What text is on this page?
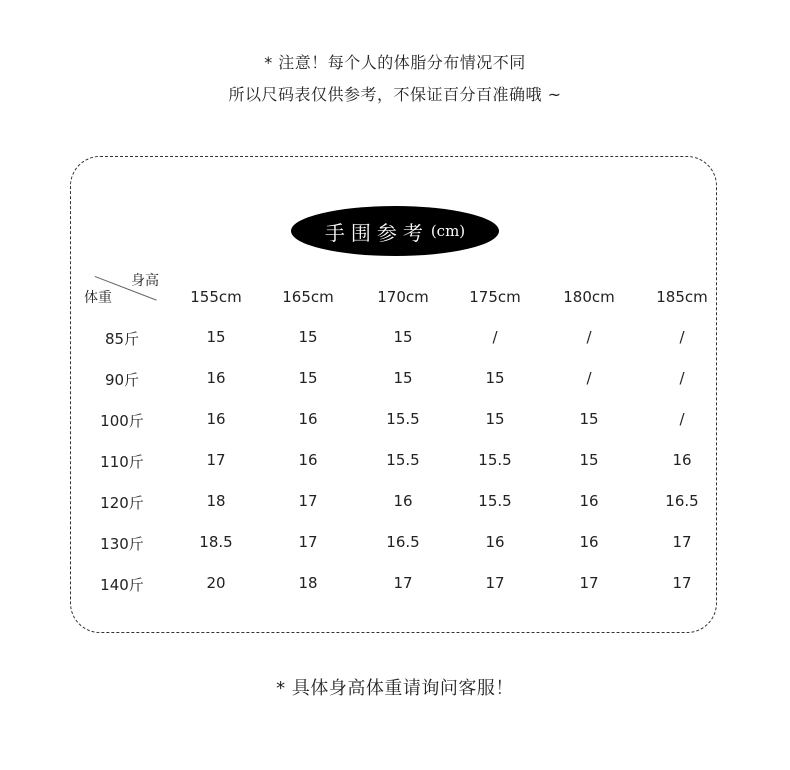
* 注意！每个人的体脂分布情况不同
所以尺码表仅供参考，不保证百分百准确哦 ~
手围参考 (cm)
身高
体重	155cm	165cm	170cm	175cm	180cm	185cm
85斤	15	15	15	/	/	/
90斤	16	15	15	15	/	/
100斤	16	16	15.5	15	15	/
110斤	17	16	15.5	15.5	15	16
120斤	18	17	16	15.5	16	16.5
130斤	18.5	17	16.5	16	16	17
140斤	20	18	17	17	17	17
* 具体身高体重请询问客服！
